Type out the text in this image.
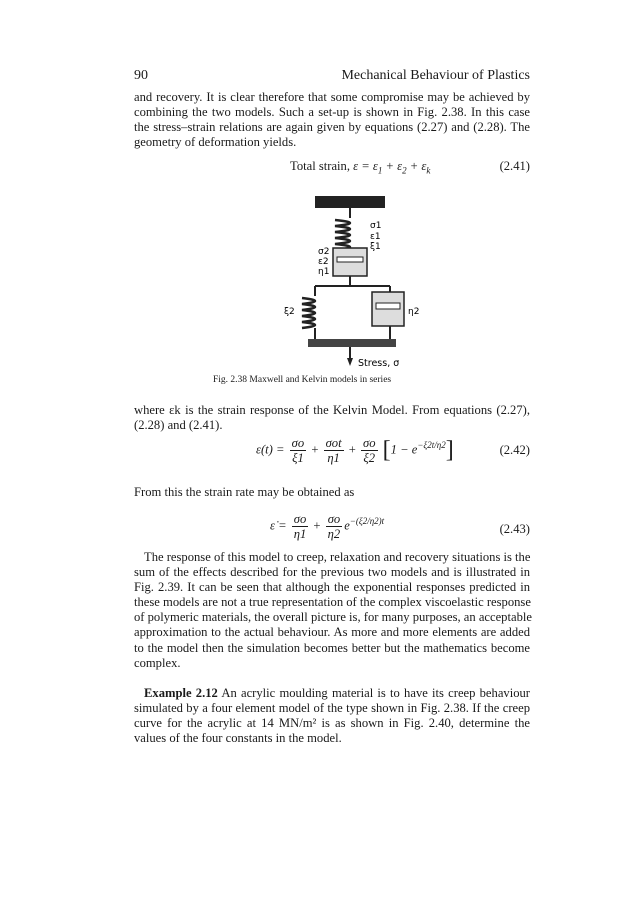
90	Mechanical Behaviour of Plastics
and recovery. It is clear therefore that some compromise may be achieved by
combining the two models. Such a set-up is shown in Fig. 2.38. In this case
the stress–strain relations are again given by equations (2.27) and (2.28). The
geometry of deformation yields.
Total strain, $\varepsilon = \varepsilon_1 + \varepsilon_2 + \varepsilon_k$	(2.41)
σ1
ε1
ξ1
σ2
ε2
η1
ξ2	η2
Stress, σ
Fig. 2.38 Maxwell and Kelvin models in series
where εk is the strain response of the Kelvin Model. From equations (2.27),
(2.28) and (2.41).
$\varepsilon(t) = \frac{\sigma o}{\xi 1} + \frac{\text{σot}}{\eta 1} + \frac{\sigma o}{\xi 2} [1 - e^{-\xi 2t/\eta 2}]$	(2.42)
From this the strain rate may be obtained as
ε̇ = $\frac{\sigma o}{\eta 1} + \frac{\sigma o}{\eta 2} e^{-(\xi 2/\eta 2)t}$
(2.43)
The response of this model to creep, relaxation and recovery situations is the
sum of the effects described for the previous two models and is illustrated in
Fig. 2.39. It can be seen that although the exponential responses predicted in
these models are not a true representation of the complex viscoelastic response
of polymeric materials, the overall picture is, for many purposes, an acceptable
approximation to the actual behaviour. As more and more elements are added
to the model then the simulation becomes better but the mathematics become
complex.
Example 2.12 An acrylic moulding material is to have its creep behaviour
simulated by a four element model of the type shown in Fig. 2.38. If the creep
curve for the acrylic at 14 MN/m² is as shown in Fig. 2.40, determine the
values of the four constants in the model.
